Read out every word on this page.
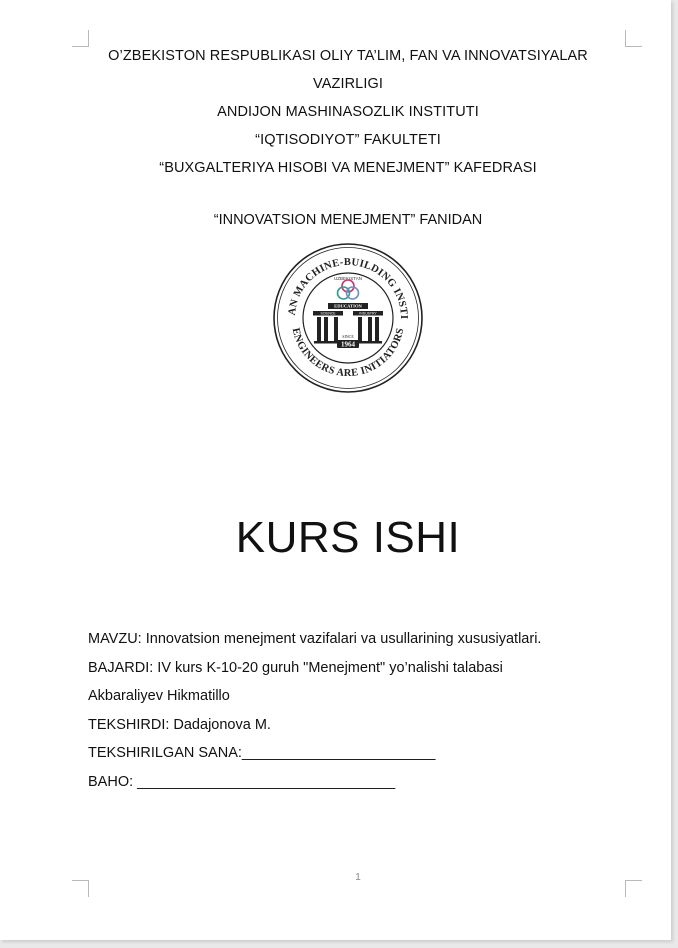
O’ZBEKISTON RESPUBLIKASI OLIY TA’LIM, FAN VA INNOVATSIYALAR
VAZIRLIGI
ANDIJON MASHINASOZLIK INSTITUTI
“IQTISODIYOT” FAKULTETI
“BUXGALTERIYA HISOBI VA MENEJMENT” KAFEDRASI
“INNOVATSION MENEJMENT” FANIDAN
AN MACHINE-BUILDING INSTI
ENGINEERS ARE INITIATORS
UZBEKISTAN
EDUCATION
SCIENCE	INDUSTRY
SINCE
1964
KURS ISHI
MAVZU: Innovatsion menejment vazifalari va usullarining xususiyatlari.
BAJARDI: IV kurs K-10-20 guruh "Menejment" yo’nalishi talabasi
Akbaraliyev Hikmatillo
TEKSHIRDI: Dadajonova M.
TEKSHIRILGAN SANA:________________________
BAHO: ________________________________
1
